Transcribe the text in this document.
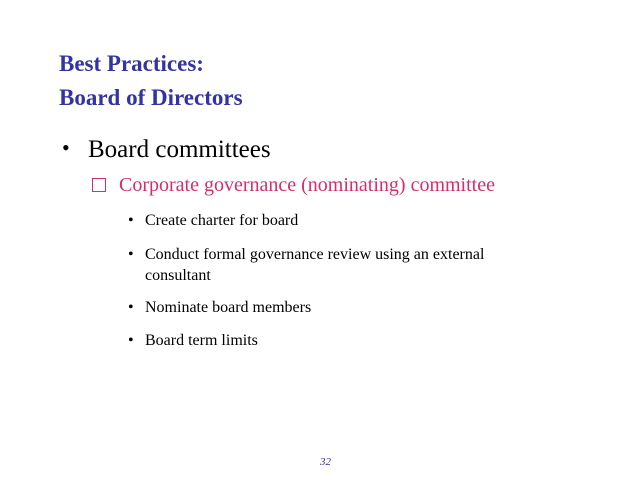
Best Practices:
Board of Directors
• Board committees
Corporate governance (nominating) committee
• Create charter for board
• Conduct formal governance review using an external consultant
• Nominate board members
• Board term limits
32
